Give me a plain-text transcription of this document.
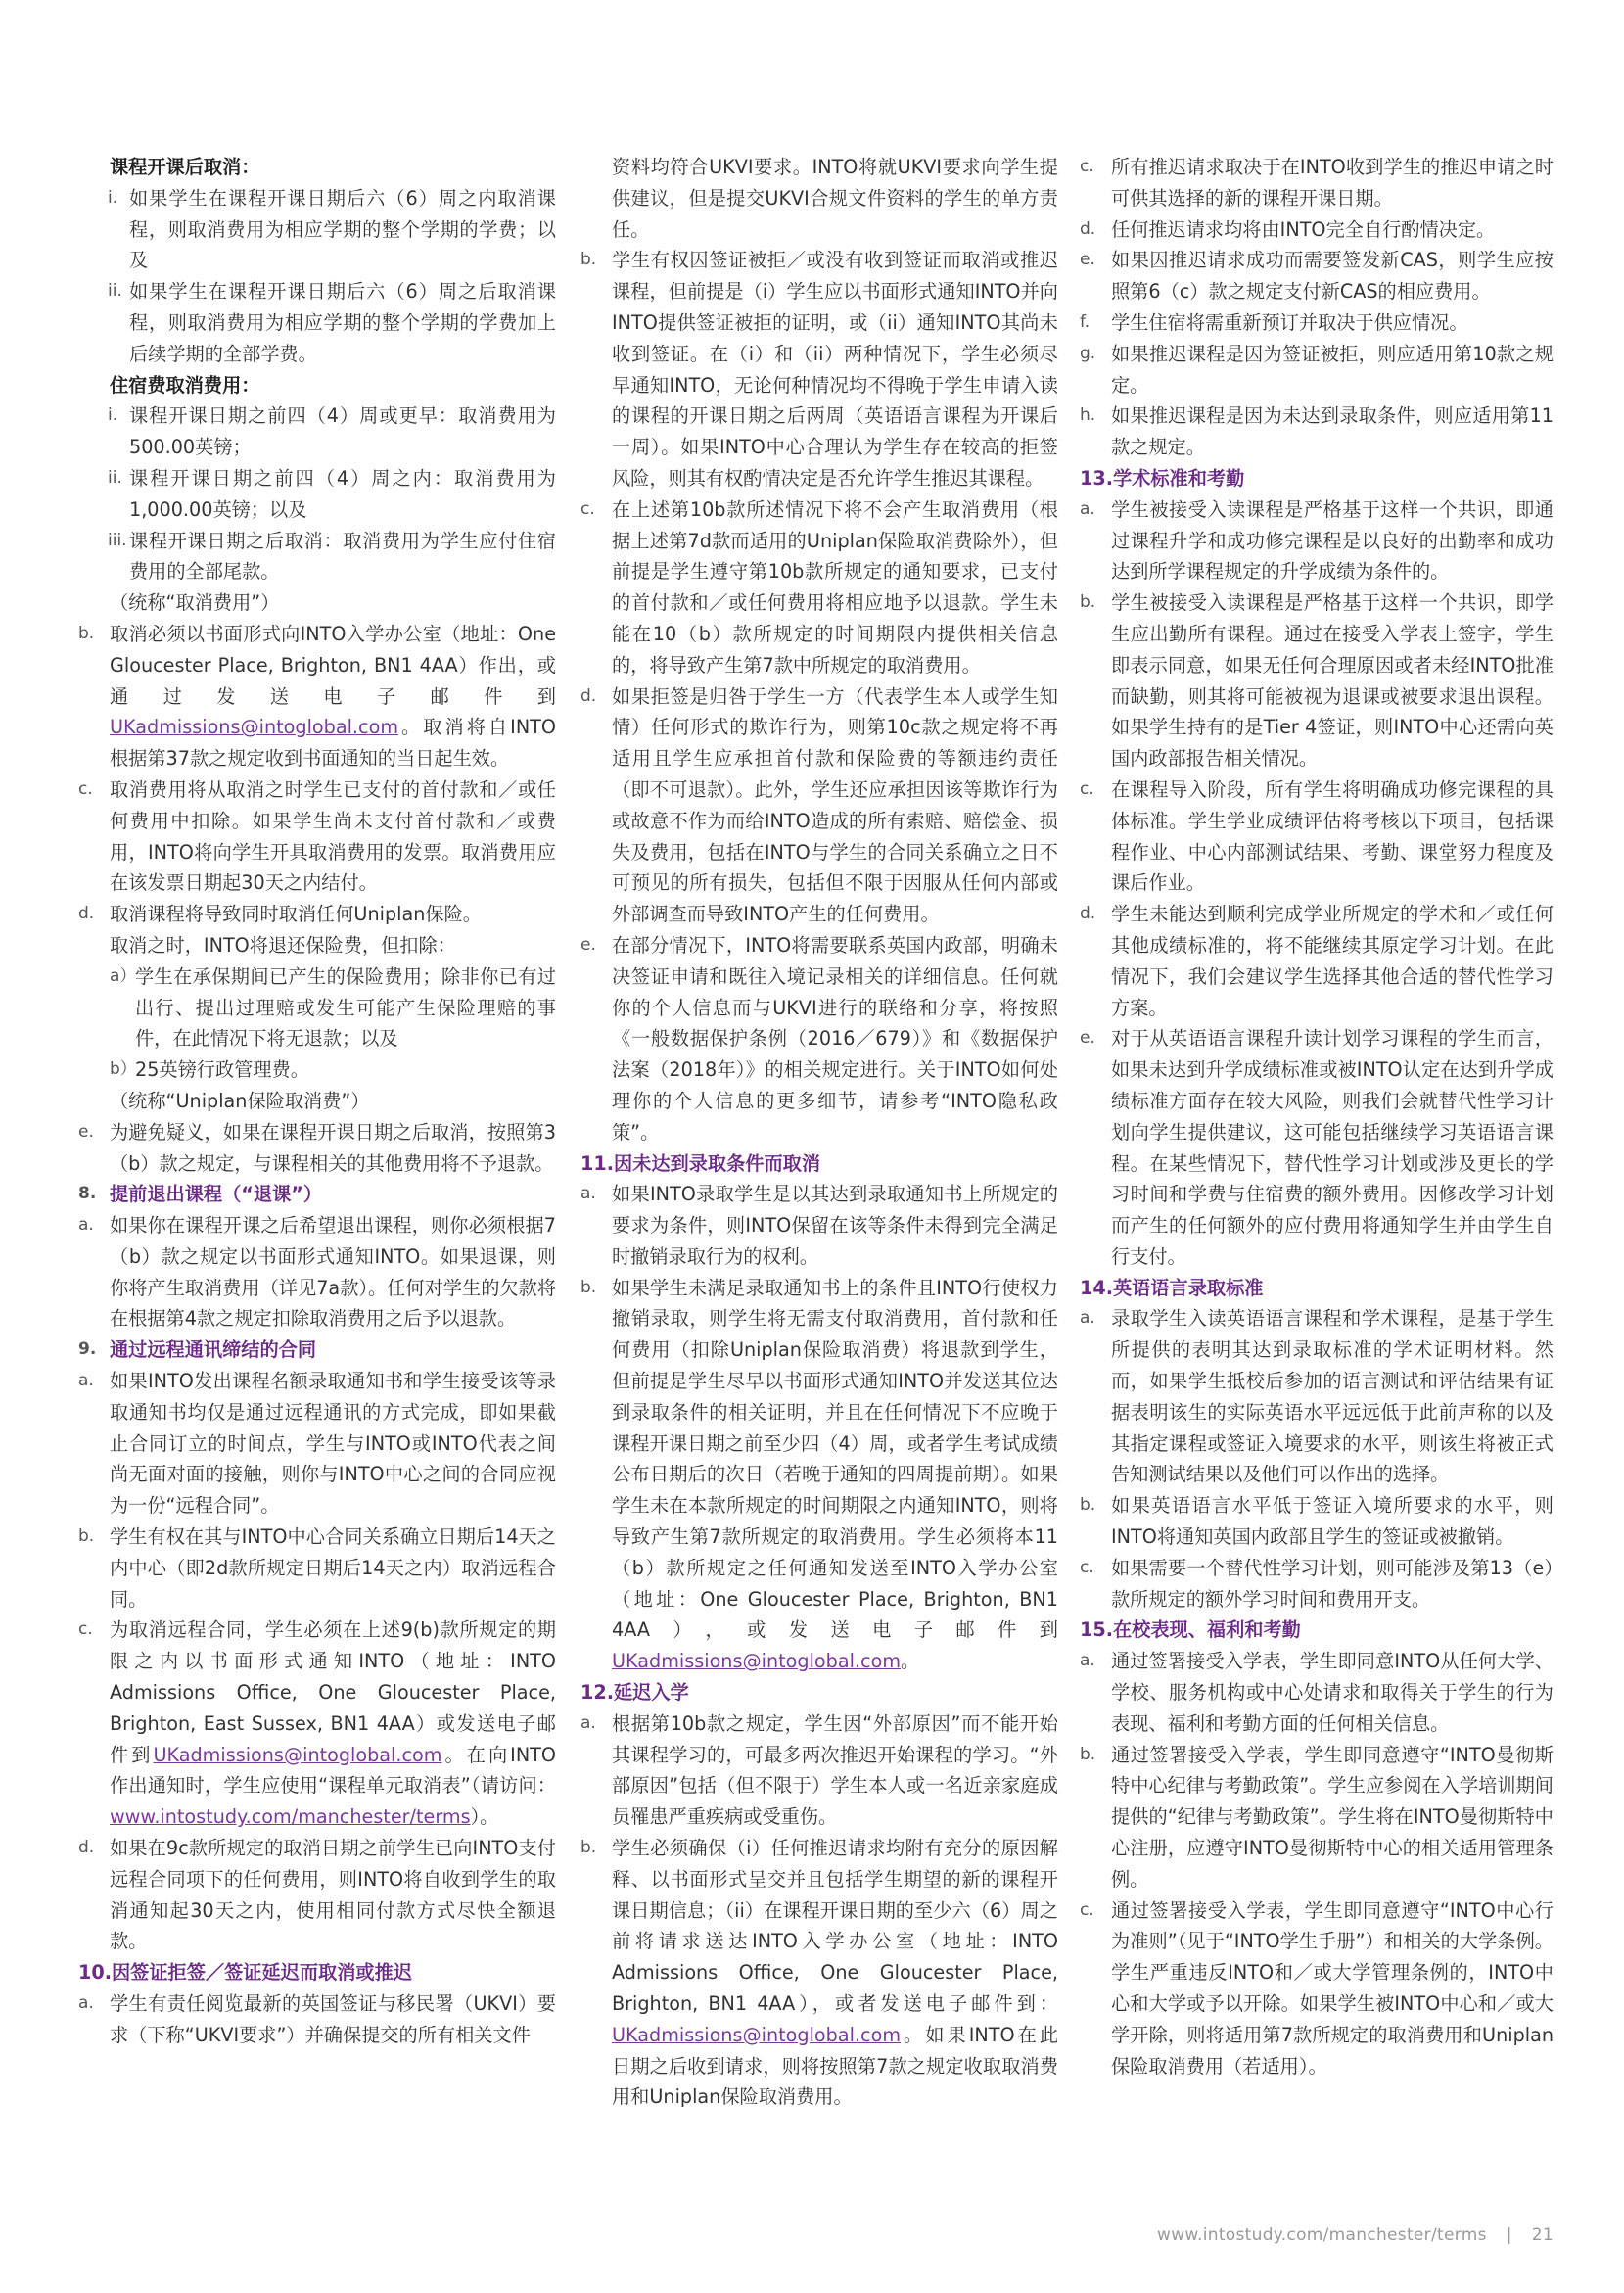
课程开课后取消：
i. 如果学生在课程开课日期后六（6）周之内取消课程，则取消费用为相应学期的整个学期的学费；以及
ii. 如果学生在课程开课日期后六（6）周之后取消课程，则取消费用为相应学期的整个学期的学费加上后续学期的全部学费。
住宿费取消费用：
i. 课程开课日期之前四（4）周或更早：取消费用为500.00英镑；
ii. 课程开课日期之前四（4）周之内：取消费用为1,000.00英镑；以及
iii. 课程开课日期之后取消：取消费用为学生应付住宿费用的全部尾款。
（统称“取消费用”）
b. 取消必须以书面形式向INTO入学办公室（地址：One Gloucester Place, Brighton, BN1 4AA）作出，或通过发送电子邮件到UKadmissions@intoglobal.com。取消将自INTO根据第37款之规定收到书面通知的当日起生效。
c. 取消费用将从取消之时学生已支付的首付款和／或任何费用中扣除。如果学生尚未支付首付款和／或费用，INTO将向学生开具取消费用的发票。取消费用应在该发票日期起30天之内结付。
d. 取消课程将导致同时取消任何Uniplan保险。
取消之时，INTO将退还保险费，但扣除：
a）
学生在承保期间已产生的保险费用；除非你已有过出行、提出过理赔或发生可能产生保险理赔的事件，在此情况下将无退款；以及
b）
25英镑行政管理费。
（统称“Uniplan保险取消费”）
e. 为避免疑义，如果在课程开课日期之后取消，按照第3（b）款之规定，与课程相关的其他费用将不予退款。
8. 提前退出课程（“退课”）
a. 如果你在课程开课之后希望退出课程，则你必须根据7（b）款之规定以书面形式通知INTO。如果退课，则你将产生取消费用（详见7a款）。任何对学生的欠款将在根据第4款之规定扣除取消费用之后予以退款。
9. 通过远程通讯缔结的合同
a. 如果INTO发出课程名额录取通知书和学生接受该等录取通知书均仅是通过远程通讯的方式完成，即如果截止合同订立的时间点，学生与INTO或INTO代表之间尚无面对面的接触，则你与INTO中心之间的合同应视为一份“远程合同”。
b. 学生有权在其与INTO中心合同关系确立日期后14天之内中心（即2d款所规定日期后14天之内）取消远程合同。
c. 为取消远程合同，学生必须在上述9(b)款所规定的期限之内以书面形式通知INTO（地址：INTO Admissions Office, One Gloucester Place, Brighton, East Sussex, BN1 4AA）或发送电子邮件到UKadmissions@intoglobal.com。在向INTO作出通知时，学生应使用“课程单元取消表”（请访问：www.intostudy.com/manchester/terms）。
d. 如果在9c款所规定的取消日期之前学生已向INTO支付远程合同项下的任何费用，则INTO将自收到学生的取消通知起30天之内，使用相同付款方式尽快全额退款。
10.因签证拒签／签证延迟而取消或推迟
a. 学生有责任阅览最新的英国签证与移民署（UKVI）要求（下称“UKVI要求”）并确保提交的所有相关文件
资料均符合UKVI要求。INTO将就UKVI要求向学生提供建议，但是提交UKVI合规文件资料的学生的单方责任。
b. 学生有权因签证被拒／或没有收到签证而取消或推迟课程，但前提是（i）学生应以书面形式通知INTO并向INTO提供签证被拒的证明，或（ii）通知INTO其尚未收到签证。在（i）和（ii）两种情况下，学生必须尽早通知INTO，无论何种情况均不得晚于学生申请入读的课程的开课日期之后两周（英语语言课程为开课后一周）。如果INTO中心合理认为学生存在较高的拒签风险，则其有权酌情决定是否允许学生推迟其课程。
c. 在上述第10b款所述情况下将不会产生取消费用（根据上述第7d款而适用的Uniplan保险取消费除外），但前提是学生遵守第10b款所规定的通知要求，已支付的首付款和／或任何费用将相应地予以退款。学生未能在10（b）款所规定的时间期限内提供相关信息的，将导致产生第7款中所规定的取消费用。
d. 如果拒签是归咎于学生一方（代表学生本人或学生知情）任何形式的欺诈行为，则第10c款之规定将不再适用且学生应承担首付款和保险费的等额违约责任（即不可退款）。此外，学生还应承担因该等欺诈行为或故意不作为而给INTO造成的所有索赔、赔偿金、损失及费用，包括在INTO与学生的合同关系确立之日不可预见的所有损失，包括但不限于因服从任何内部或外部调查而导致INTO产生的任何费用。
e. 在部分情况下，INTO将需要联系英国内政部，明确未决签证申请和既往入境记录相关的详细信息。任何就你的个人信息而与UKVI进行的联络和分享，将按照《一般数据保护条例（2016／679）》和《数据保护法案（2018年）》的相关规定进行。关于INTO如何处理你的个人信息的更多细节，请参考“INTO隐私政策”。
11.因未达到录取条件而取消
a. 如果INTO录取学生是以其达到录取通知书上所规定的要求为条件，则INTO保留在该等条件未得到完全满足时撤销录取行为的权利。
b. 如果学生未满足录取通知书上的条件且INTO行使权力撤销录取，则学生将无需支付取消费用，首付款和任何费用（扣除Uniplan保险取消费）将退款到学生，但前提是学生尽早以书面形式通知INTO并发送其位达到录取条件的相关证明，并且在任何情况下不应晚于课程开课日期之前至少四（4）周，或者学生考试成绩公布日期后的次日（若晚于通知的四周提前期）。如果学生未在本款所规定的时间期限之内通知INTO，则将导致产生第7款所规定的取消费用。学生必须将本11（b）款所规定之任何通知发送至INTO入学办公室（地址：One Gloucester Place, Brighton, BN1 4AA），或发送电子邮件到UKadmissions@intoglobal.com。
12.延迟入学
a. 根据第10b款之规定，学生因“外部原因”而不能开始其课程学习的，可最多两次推迟开始课程的学习。“外部原因”包括（但不限于）学生本人或一名近亲家庭成员罹患严重疾病或受重伤。
b. 学生必须确保（i）任何推迟请求均附有充分的原因解释、以书面形式呈交并且包括学生期望的新的课程开课日期信息；（ii）在课程开课日期的至少六（6）周之前将请求送达INTO入学办公室（地址：INTO Admissions Office, One Gloucester Place, Brighton, BN1 4AA），或者发送电子邮件到：UKadmissions@intoglobal.com。如果INTO在此日期之后收到请求，则将按照第7款之规定收取取消费用和Uniplan保险取消费用。
c. 所有推迟请求取决于在INTO收到学生的推迟申请之时可供其选择的新的课程开课日期。
d. 任何推迟请求均将由INTO完全自行酌情决定。
e. 如果因推迟请求成功而需要签发新CAS，则学生应按照第6（c）款之规定支付新CAS的相应费用。
f. 学生住宿将需重新预订并取决于供应情况。
g. 如果推迟课程是因为签证被拒，则应适用第10款之规定。
h. 如果推迟课程是因为未达到录取条件，则应适用第11款之规定。
13.学术标准和考勤
a. 学生被接受入读课程是严格基于这样一个共识，即通过课程升学和成功修完课程是以良好的出勤率和成功达到所学课程规定的升学成绩为条件的。
b. 学生被接受入读课程是严格基于这样一个共识，即学生应出勤所有课程。通过在接受入学表上签字，学生即表示同意，如果无任何合理原因或者未经INTO批准而缺勤，则其将可能被视为退课或被要求退出课程。如果学生持有的是Tier 4签证，则INTO中心还需向英国内政部报告相关情况。
c. 在课程导入阶段，所有学生将明确成功修完课程的具体标准。学生学业成绩评估将考核以下项目，包括课程作业、中心内部测试结果、考勤、课堂努力程度及课后作业。
d. 学生未能达到顺利完成学业所规定的学术和／或任何其他成绩标准的，将不能继续其原定学习计划。在此情况下，我们会建议学生选择其他合适的替代性学习方案。
e. 对于从英语语言课程升读计划学习课程的学生而言，如果未达到升学成绩标准或被INTO认定在达到升学成绩标准方面存在较大风险，则我们会就替代性学习计划向学生提供建议，这可能包括继续学习英语语言课程。在某些情况下，替代性学习计划或涉及更长的学习时间和学费与住宿费的额外费用。因修改学习计划而产生的任何额外的应付费用将通知学生并由学生自行支付。
14.英语语言录取标准
a. 录取学生入读英语语言课程和学术课程，是基于学生所提供的表明其达到录取标准的学术证明材料。然而，如果学生抵校后参加的语言测试和评估结果有证据表明该生的实际英语水平远远低于此前声称的以及其指定课程或签证入境要求的水平，则该生将被正式告知测试结果以及他们可以作出的选择。
b. 如果英语语言水平低于签证入境所要求的水平，则INTO将通知英国内政部且学生的签证或被撤销。
c. 如果需要一个替代性学习计划，则可能涉及第13（e）款所规定的额外学习时间和费用开支。
15.在校表现、福利和考勤
a. 通过签署接受入学表，学生即同意INTO从任何大学、学校、服务机构或中心处请求和取得关于学生的行为表现、福利和考勤方面的任何相关信息。
b. 通过签署接受入学表，学生即同意遵守“INTO曼彻斯特中心纪律与考勤政策”。学生应参阅在入学培训期间提供的“纪律与考勤政策”。学生将在INTO曼彻斯特中心注册，应遵守INTO曼彻斯特中心的相关适用管理条例。
c. 通过签署接受入学表，学生即同意遵守“INTO中心行为准则”（见于“INTO学生手册”）和相关的大学条例。学生严重违反INTO和／或大学管理条例的，INTO中心和大学或予以开除。如果学生被INTO中心和／或大学开除，则将适用第7款所规定的取消费用和Uniplan保险取消费用（若适用）。
www.intostudy.com/manchester/terms | 21
